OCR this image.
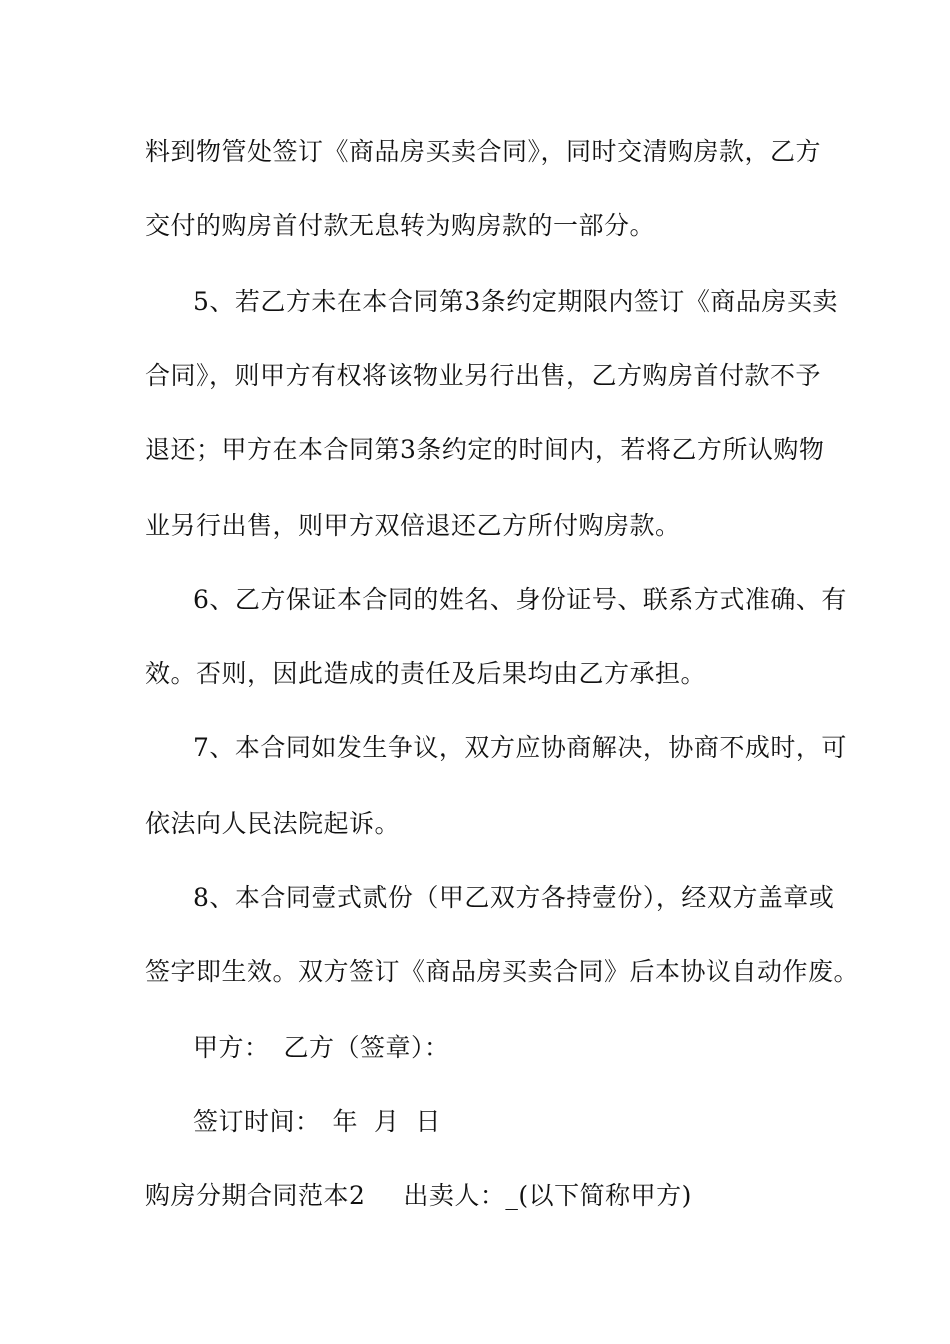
料到物管处签订《商品房买卖合同》，同时交清购房款，乙方
交付的购房首付款无息转为购房款的一部分。
5、若乙方未在本合同第3条约定期限内签订《商品房买卖
合同》，则甲方有权将该物业另行出售，乙方购房首付款不予
退还；甲方在本合同第3条约定的时间内，若将乙方所认购物
业另行出售，则甲方双倍退还乙方所付购房款。
6、乙方保证本合同的姓名、身份证号、联系方式准确、有
效。否则，因此造成的责任及后果均由乙方承担。
7、本合同如发生争议，双方应协商解决，协商不成时，可
依法向人民法院起诉。
8、本合同壹式贰份（甲乙双方各持壹份），经双方盖章或
签字即生效。双方签订《商品房买卖合同》后本协议自动作废。
甲方： 乙方（签章）：
签订时间： 年 月 日
购房分期合同范本2 出卖人：_(以下简称甲方)
